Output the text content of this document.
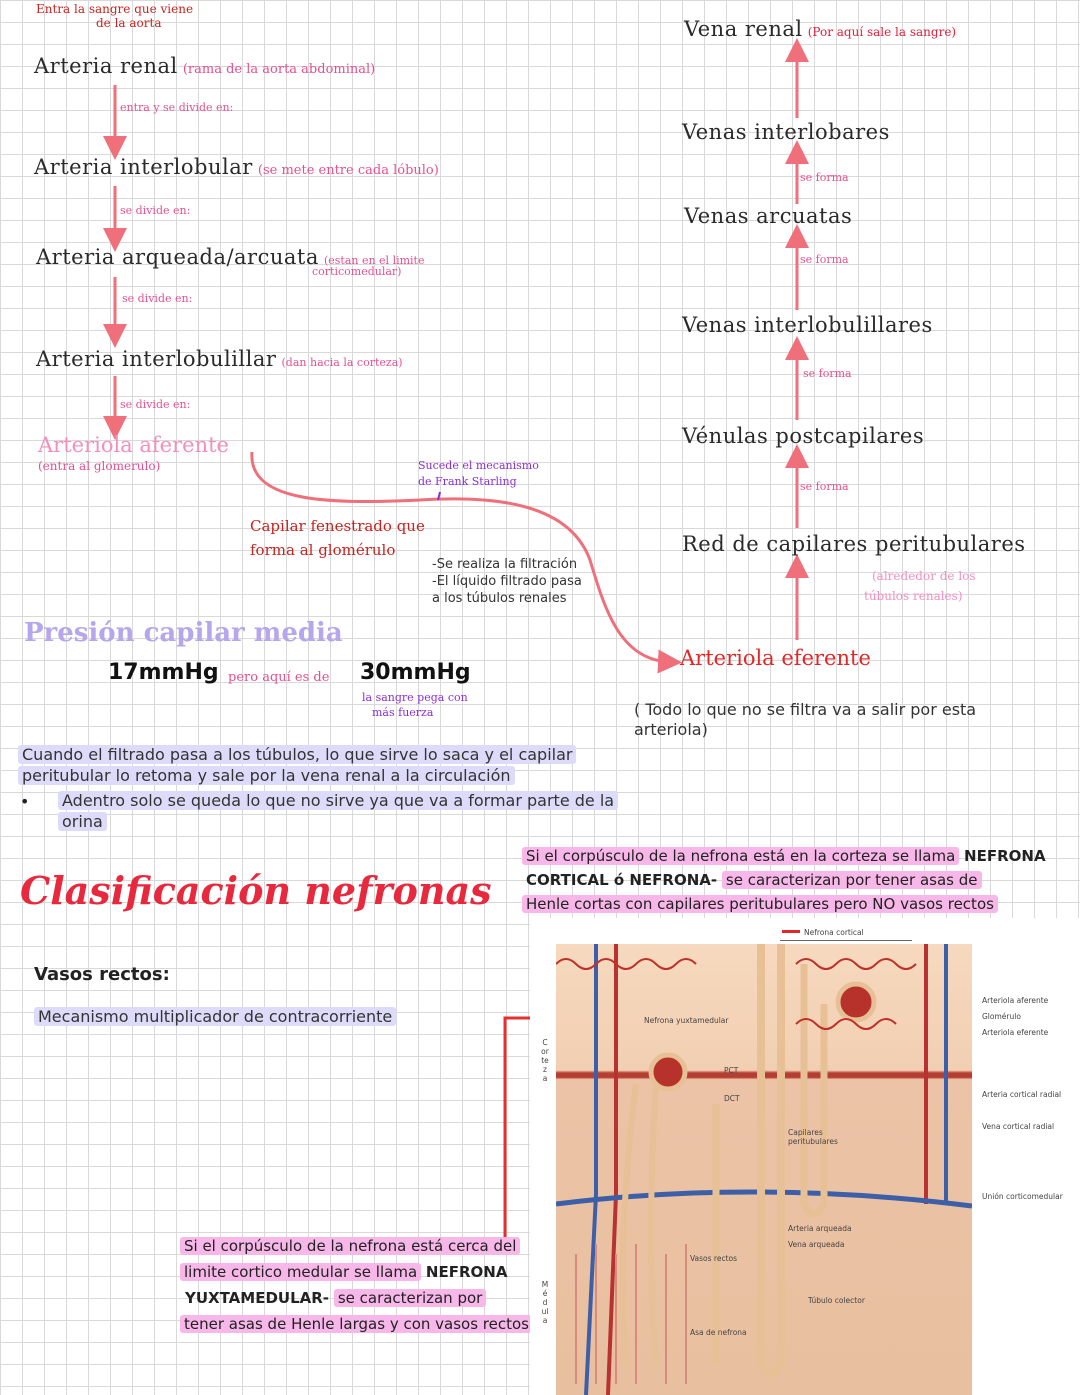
Entra la sangre que viene
de la aorta
Arteria renal (rama de la aorta abdominal)
entra y se divide en:
Arteria interlobular (se mete entre cada lóbulo)
se divide en:
Arteria arqueada/arcuata (estan en el limite
corticomedular)
se divide en:
Arteria interlobulillar (dan hacia la corteza)
se divide en:
Arteriola aferente
(entra al glomerulo)	Sucede el mecanismo
de Frank Starling
Capilar fenestrado que
forma al glomérulo
-Se realiza la filtración
-El líquido filtrado pasa
a los túbulos renales
Vena renal (Por aquí sale la sangre)
Venas interlobares
se forma
Venas arcuatas
se forma
Venas interlobulillares
se forma
Vénulas postcapilares
se forma
Red de capilares peritubulares
(alrededor de los
túbulos renales)
Arteriola eferente
( Todo lo que no se filtra va a salir por esta
arteriola)
Presión capilar media
17mmHg pero aquí es de 30mmHg
la sangre pega con
más fuerza
Cuando el filtrado pasa a los túbulos, lo que sirve lo saca y el capilar
peritubular lo retoma y sale por la vena renal a la circulación
• Adentro solo se queda lo que no sirve ya que va a formar parte de la
orina
Clasificación nefronas
Si el corpúsculo de la nefrona está en la corteza se llama NEFRONA
CORTICAL ó NEFRONA- se caracterizan por tener asas de
Henle cortas con capilares peritubulares pero NO vasos rectos
Vasos rectos:
Mecanismo multiplicador de contracorriente
Si el corpúsculo de la nefrona está cerca del
limite cortico medular se llama NEFRONA
YUXTAMEDULAR- se caracterizan por
tener asas de Henle largas y con vasos rectos
Nefrona yuxtamedular
PCT
DCT
Capilares peritubulares
Arteria arqueada
Vena arqueada
Vasos rectos
Túbulo colector
Asa de nefrona
Nefrona cortical
Arteriola aferente
Glomérulo
Arteriola eferente
Arteria cortical radial
Vena cortical radial
Unión corticomedular
Corteza
Médula
